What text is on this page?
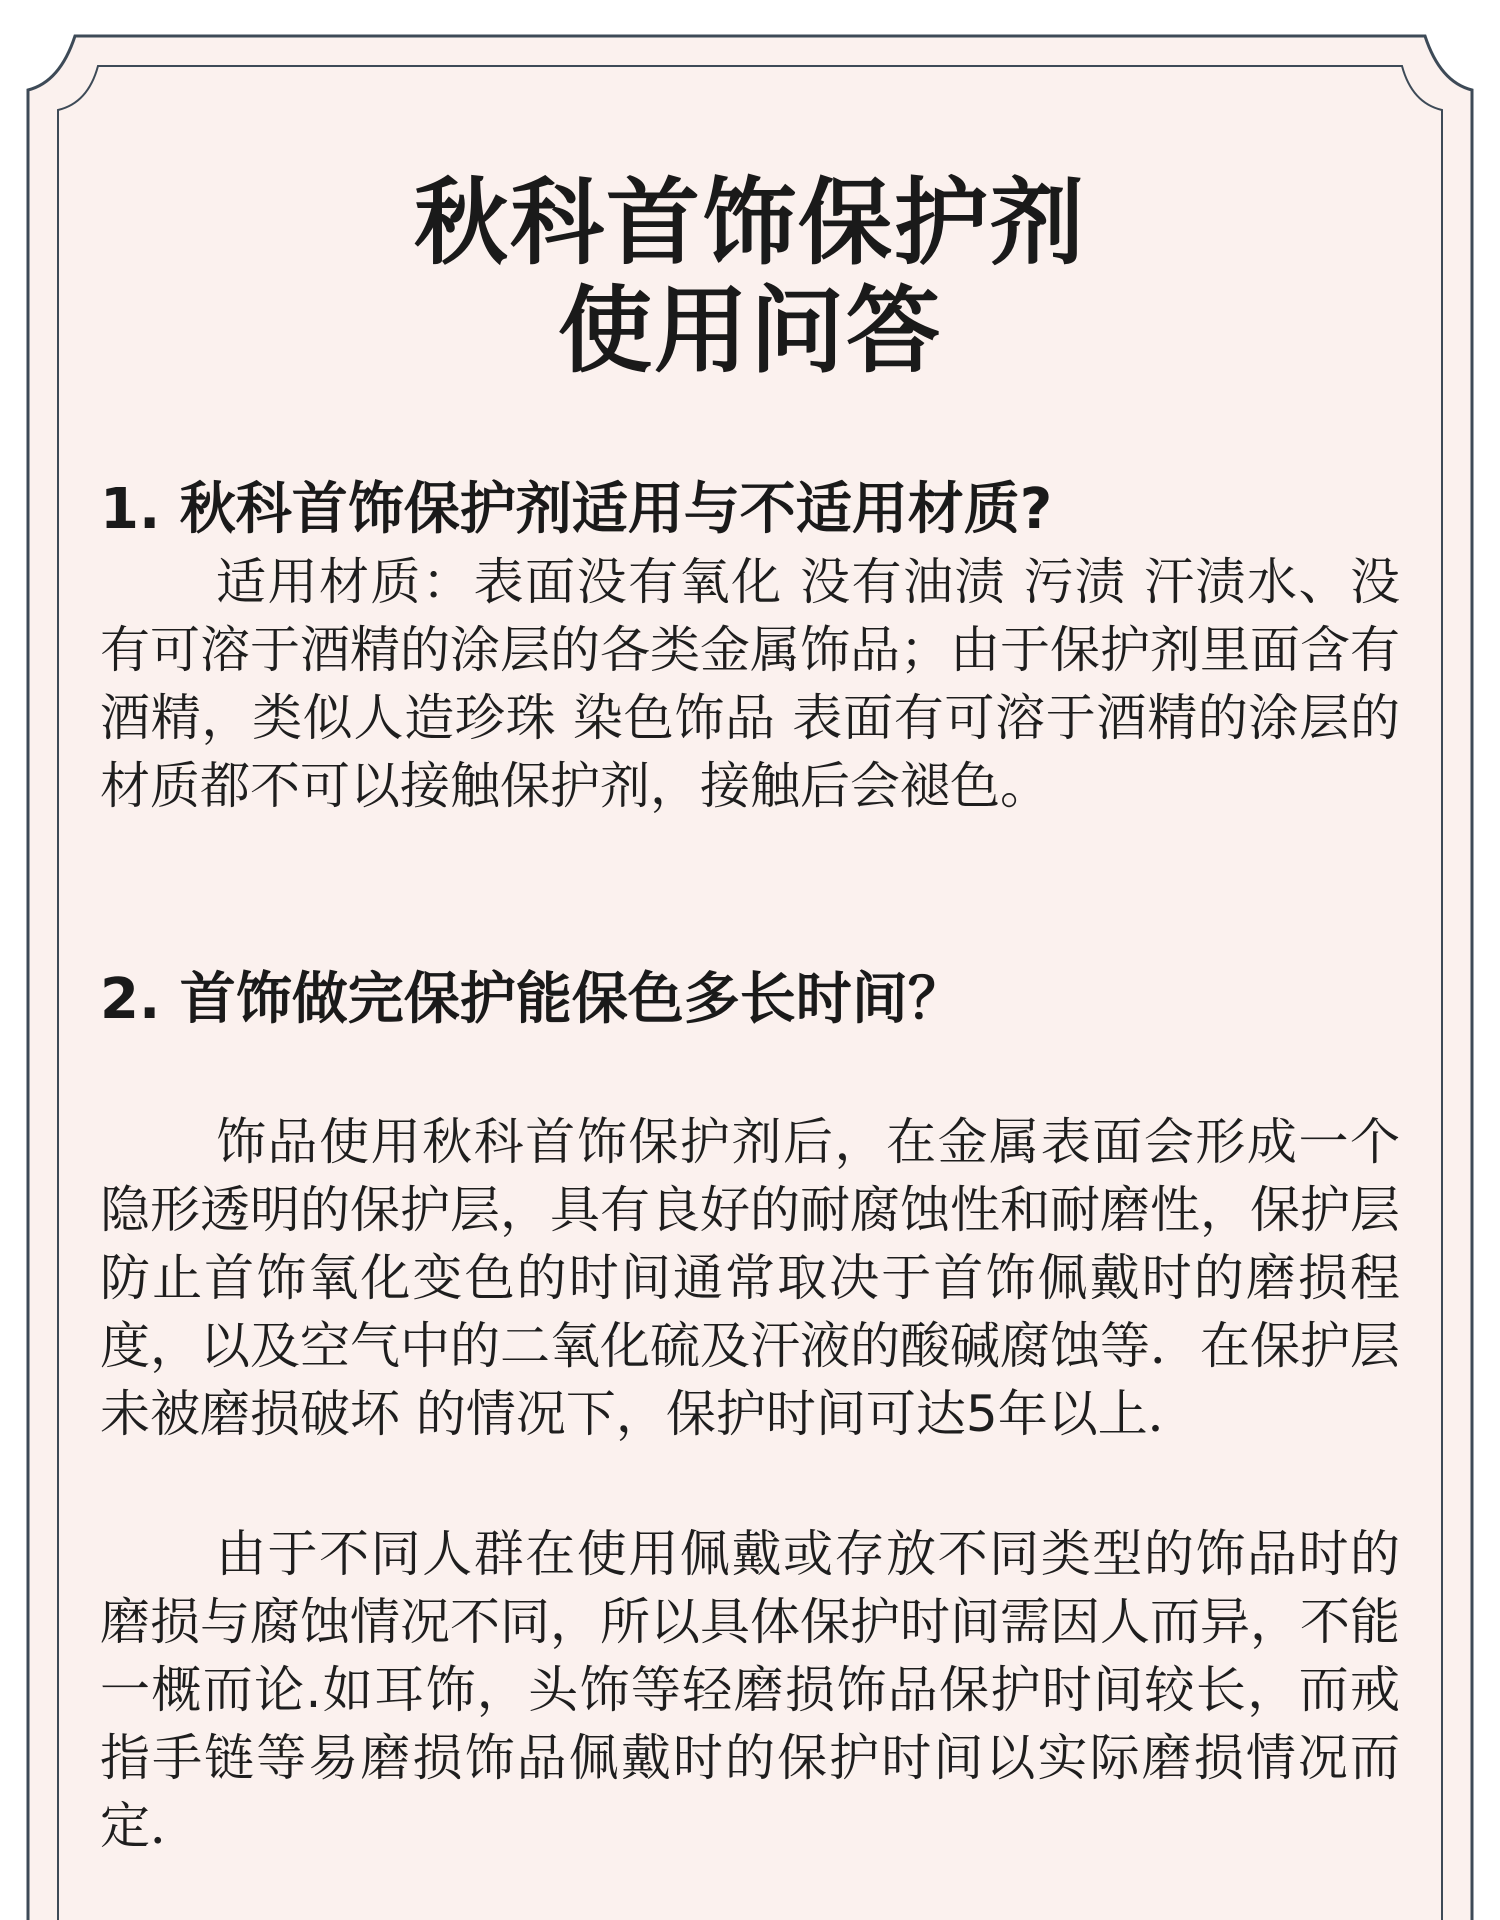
秋科首饰保护剂
使用问答
1. 秋科首饰保护剂适用与不适用材质?

适用材质：表面没有氧化 没有油渍 污渍 汗渍水、没有可溶于酒精的涂层的各类金属饰品；由于保护剂里面含有酒精，类似人造珍珠 染色饰品 表面有可溶于酒精的涂层的材质都不可以接触保护剂，接触后会褪色。

2. 首饰做完保护能保色多长时间？

饰品使用秋科首饰保护剂后，在金属表面会形成一个隐形透明的保护层，具有良好的耐腐蚀性和耐磨性，保护层防止首饰氧化变色的时间通常取决于首饰佩戴时的磨损程度，以及空气中的二氧化硫及汗液的酸碱腐蚀等．在保护层未被磨损破坏 的情况下，保护时间可达5年以上．

由于不同人群在使用佩戴或存放不同类型的饰品时的磨损与腐蚀情况不同，所以具体保护时间需因人而异，不能一概而论.如耳饰，头饰等轻磨损饰品保护时间较长，而戒指手链等易磨损饰品佩戴时的保护时间以实际磨损情况而定．
